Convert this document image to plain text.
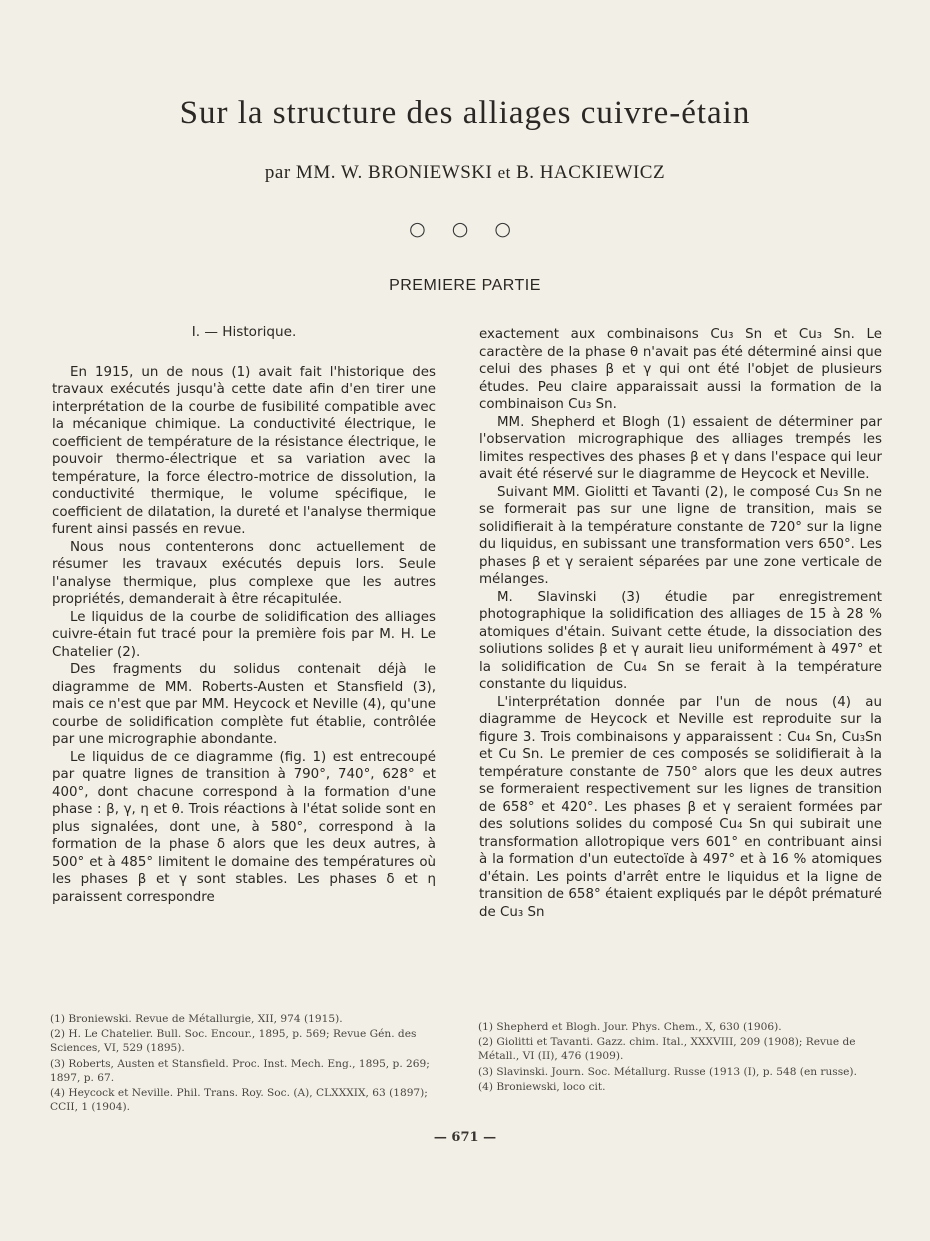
Sur la structure des alliages cuivre-étain
par MM. W. BRONIEWSKI et B. HACKIEWICZ
○ ○ ○
PREMIERE PARTIE
I. — Historique.

En 1915, un de nous (1) avait fait l'historique des travaux exécutés jusqu'à cette date afin d'en tirer une interprétation de la courbe de fusibilité compatible avec la mécanique chimique. La conductivité électrique, le coefficient de température de la résistance électrique, le pouvoir thermo-électrique et sa variation avec la température, la force électro-motrice de dissolution, la conductivité thermique, le volume spécifique, le coefficient de dilatation, la dureté et l'analyse thermique furent ainsi passés en revue.

Nous nous contenterons donc actuellement de résumer les travaux exécutés depuis lors. Seule l'analyse thermique, plus complexe que les autres propriétés, demanderait à être récapitulée.

Le liquidus de la courbe de solidification des alliages cuivre-étain fut tracé pour la première fois par M. H. Le Chatelier (2).

Des fragments du solidus contenait déjà le diagramme de MM. Roberts-Austen et Stansfield (3), mais ce n'est que par MM. Heycock et Neville (4), qu'une courbe de solidification complète fut établie, contrôlée par une micrographie abondante.

Le liquidus de ce diagramme (fig. 1) est entrecoupé par quatre lignes de transition à 790°, 740°, 628° et 400°, dont chacune correspond à la formation d'une phase : β, γ, η et θ. Trois réactions à l'état solide sont en plus signalées, dont une, à 580°, correspond à la formation de la phase δ alors que les deux autres, à 500° et à 485° limitent le domaine des températures où les phases β et γ sont stables. Les phases δ et η paraissent correspondre

exactement aux combinaisons Cu₃ Sn et Cu₃ Sn. Le caractère de la phase θ n'avait pas été déterminé ainsi que celui des phases β et γ qui ont été l'objet de plusieurs études. Peu claire apparaissait aussi la formation de la combinaison Cu₃ Sn.

MM. Shepherd et Blogh (1) essaient de déterminer par l'observation micrographique des alliages trempés les limites respectives des phases β et γ dans l'espace qui leur avait été réservé sur le diagramme de Heycock et Neville.

Suivant MM. Giolitti et Tavanti (2), le composé Cu₃ Sn ne se formerait pas sur une ligne de transition, mais se solidifierait à la température constante de 720° sur la ligne du liquidus, en subissant une transformation vers 650°. Les phases β et γ seraient séparées par une zone verticale de mélanges.

M. Slavinski (3) étudie par enregistrement photographique la solidification des alliages de 15 à 28 % atomiques d'étain. Suivant cette étude, la dissociation des soliutions solides β et γ aurait lieu uniformément à 497° et la solidification de Cu₄ Sn se ferait à la température constante du liquidus.

L'interprétation donnée par l'un de nous (4) au diagramme de Heycock et Neville est reproduite sur la figure 3. Trois combinaisons y apparaissent : Cu₄ Sn, Cu₃Sn et Cu Sn. Le premier de ces composés se solidifierait à la température constante de 750° alors que les deux autres se formeraient respectivement sur les lignes de transition de 658° et 420°. Les phases β et γ seraient formées par des solutions solides du composé Cu₄ Sn qui subirait une transformation allotropique vers 601° en contribuant ainsi à la formation d'un eutectoïde à 497° et à 16 % atomiques d'étain. Les points d'arrêt entre le liquidus et la ligne de transition de 658° étaient expliqués par le dépôt prématuré de Cu₃ Sn

(1) Broniewski. Revue de Métallurgie, XII, 974 (1915).
(2) H. Le Chatelier. Bull. Soc. Encour., 1895, p. 569; Revue Gén. des Sciences, VI, 529 (1895).
(3) Roberts, Austen et Stansfield. Proc. Inst. Mech. Eng., 1895, p. 269; 1897, p. 67.
(4) Heycock et Neville. Phil. Trans. Roy. Soc. (A), CLXXXIX, 63 (1897); CCII, 1 (1904).
(1) Shepherd et Blogh. Jour. Phys. Chem., X, 630 (1906).
(2) Giolitti et Tavanti. Gazz. chim. Ital., XXXVIII, 209 (1908); Revue de Métall., VI (II), 476 (1909).
(3) Slavinski. Journ. Soc. Métallurg. Russe (1913 (I), p. 548 (en russe).
(4) Broniewski, loco cit.
— 671 —
